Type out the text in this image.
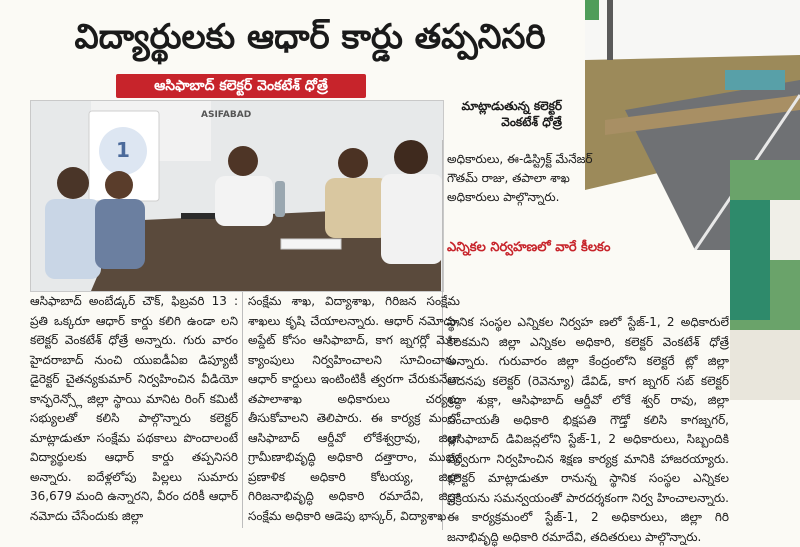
విద్యార్థులకు ఆధార్ కార్డు తప్పనిసరి
ఆసిఫాబాద్ కలెక్టర్ వెంకటేశ్ ధోత్రే
1
ASIFABAD
మాట్లాడుతున్న కలెక్టర్ వెంకటేశ్ ధోత్రే
అధికారులు, ఈ-డిస్ట్రిక్ట్ మేనేజర్ గౌతమ్ రాజు, తపాలా శాఖ అధికారులు పాల్గొన్నారు.
ఎన్నికల నిర్వహణలో వారే కీలకం
ఆసిఫాబాద్ అంబేడ్కర్ చౌక్, ఫిబ్రవరి 13 : ప్రతి ఒక్కరూ ఆధార్ కార్డు కలిగి ఉండా లని కలెక్టర్ వెంకటేశ్ ధోత్రే అన్నారు. గురు వారం హైదరాబాద్ నుంచి యుఐడీఏఐ డిప్యూటీ డైరెక్టర్ చైతన్యకుమార్ నిర్వహించిన వీడియో కాన్ఫరెన్స్లో జిల్లా స్థాయి మానిట రింగ్ కమిటీ సభ్యులతో కలిసి పాల్గొన్నారు కలెక్టర్ మాట్లాడుతూ సంక్షేమ పథకాలు పొందాలంటే విద్యార్థులకు ఆధార్ కార్డు తప్పనిసరి అన్నారు. ఐదేళ్లలోపు పిల్లలు సుమారు 36,679 మంది ఉన్నారని, వీరం దరికీ ఆధార్ నమోదు చేసేందుకు జిల్లా
సంక్షేమ శాఖ, విద్యాశాఖ, గిరిజన సంక్షేమ శాఖలు కృషి చేయాలన్నారు. ఆధార్ నమోదు, అప్డేట్ కోసం ఆసిఫాబాద్, కాగ జ్నగర్లో మెగా క్యాంపులు నిర్వహించాలని సూచించారు. ఆధార్ కార్డులు ఇంటింటికీ త్వరగా చేరుకునేలా తపాలాశాఖ అధికారులు చర్యలు తీసుకోవాలని తెలిపారు. ఈ కార్యక్ర మంలో ఆసిఫాబాద్ ఆర్డీవో లోకేశ్వర్రావు, జిల్లా గ్రామీణాభివృద్ధి అధికారి దత్తారాం, ముఖ్య ప్రణాళిక అధికారి కోటయ్య, జిల్లా గిరిజనాభివృద్ధి అధికారి రమాదేవి, జిల్లా సంక్షేమ అధికారి ఆడెపు భాస్కర్, విద్యాశాఖ
స్థానిక సంస్థల ఎన్నికల నిర్వహ ణలో స్టేజ్-1, 2 అధికారులే కీలకమని జిల్లా ఎన్నికల అధికారి, కలెక్టర్ వెంకటేశ్ ధోత్రే అన్నారు. గురువారం జిల్లా కేంద్రంలోని కలెక్టరే ట్లో జిల్లా అదనపు కలెక్టర్ (రెవెన్యూ) డేవిడ్, కాగ జ్నగర్ సబ్ కలెక్టర్ శ్రద్ధా శుక్లా, ఆసిఫాబాద్ ఆర్డీవో లోకే శ్వర్ రావు, జిల్లా పంచాయతీ అధికారి భిక్షపతి గౌడ్తో కలిసి కాగజ్నగర్, ఆసిఫాబాద్ డివిజన్లలోని స్టేజ్-1, 2 అధికారులు, సిబ్బందికి వేర్వేరుగా నిర్వహించిన శిక్షణ కార్యక్ర మానికి హాజరయ్యారు. కలెక్టర్ మాట్లాడుతూ రానున్న స్థానిక సంస్థల ఎన్నికల ప్రక్రియను సమన్వయంతో పారదర్శకంగా నిర్వ హించాలన్నారు. ఈ కార్యక్రమంలో స్టేజ్-1, 2 అధికారులు, జిల్లా గిరి జనాభివృద్ధి అధికారి రమాదేవి, తదితరులు పాల్గొన్నారు.
